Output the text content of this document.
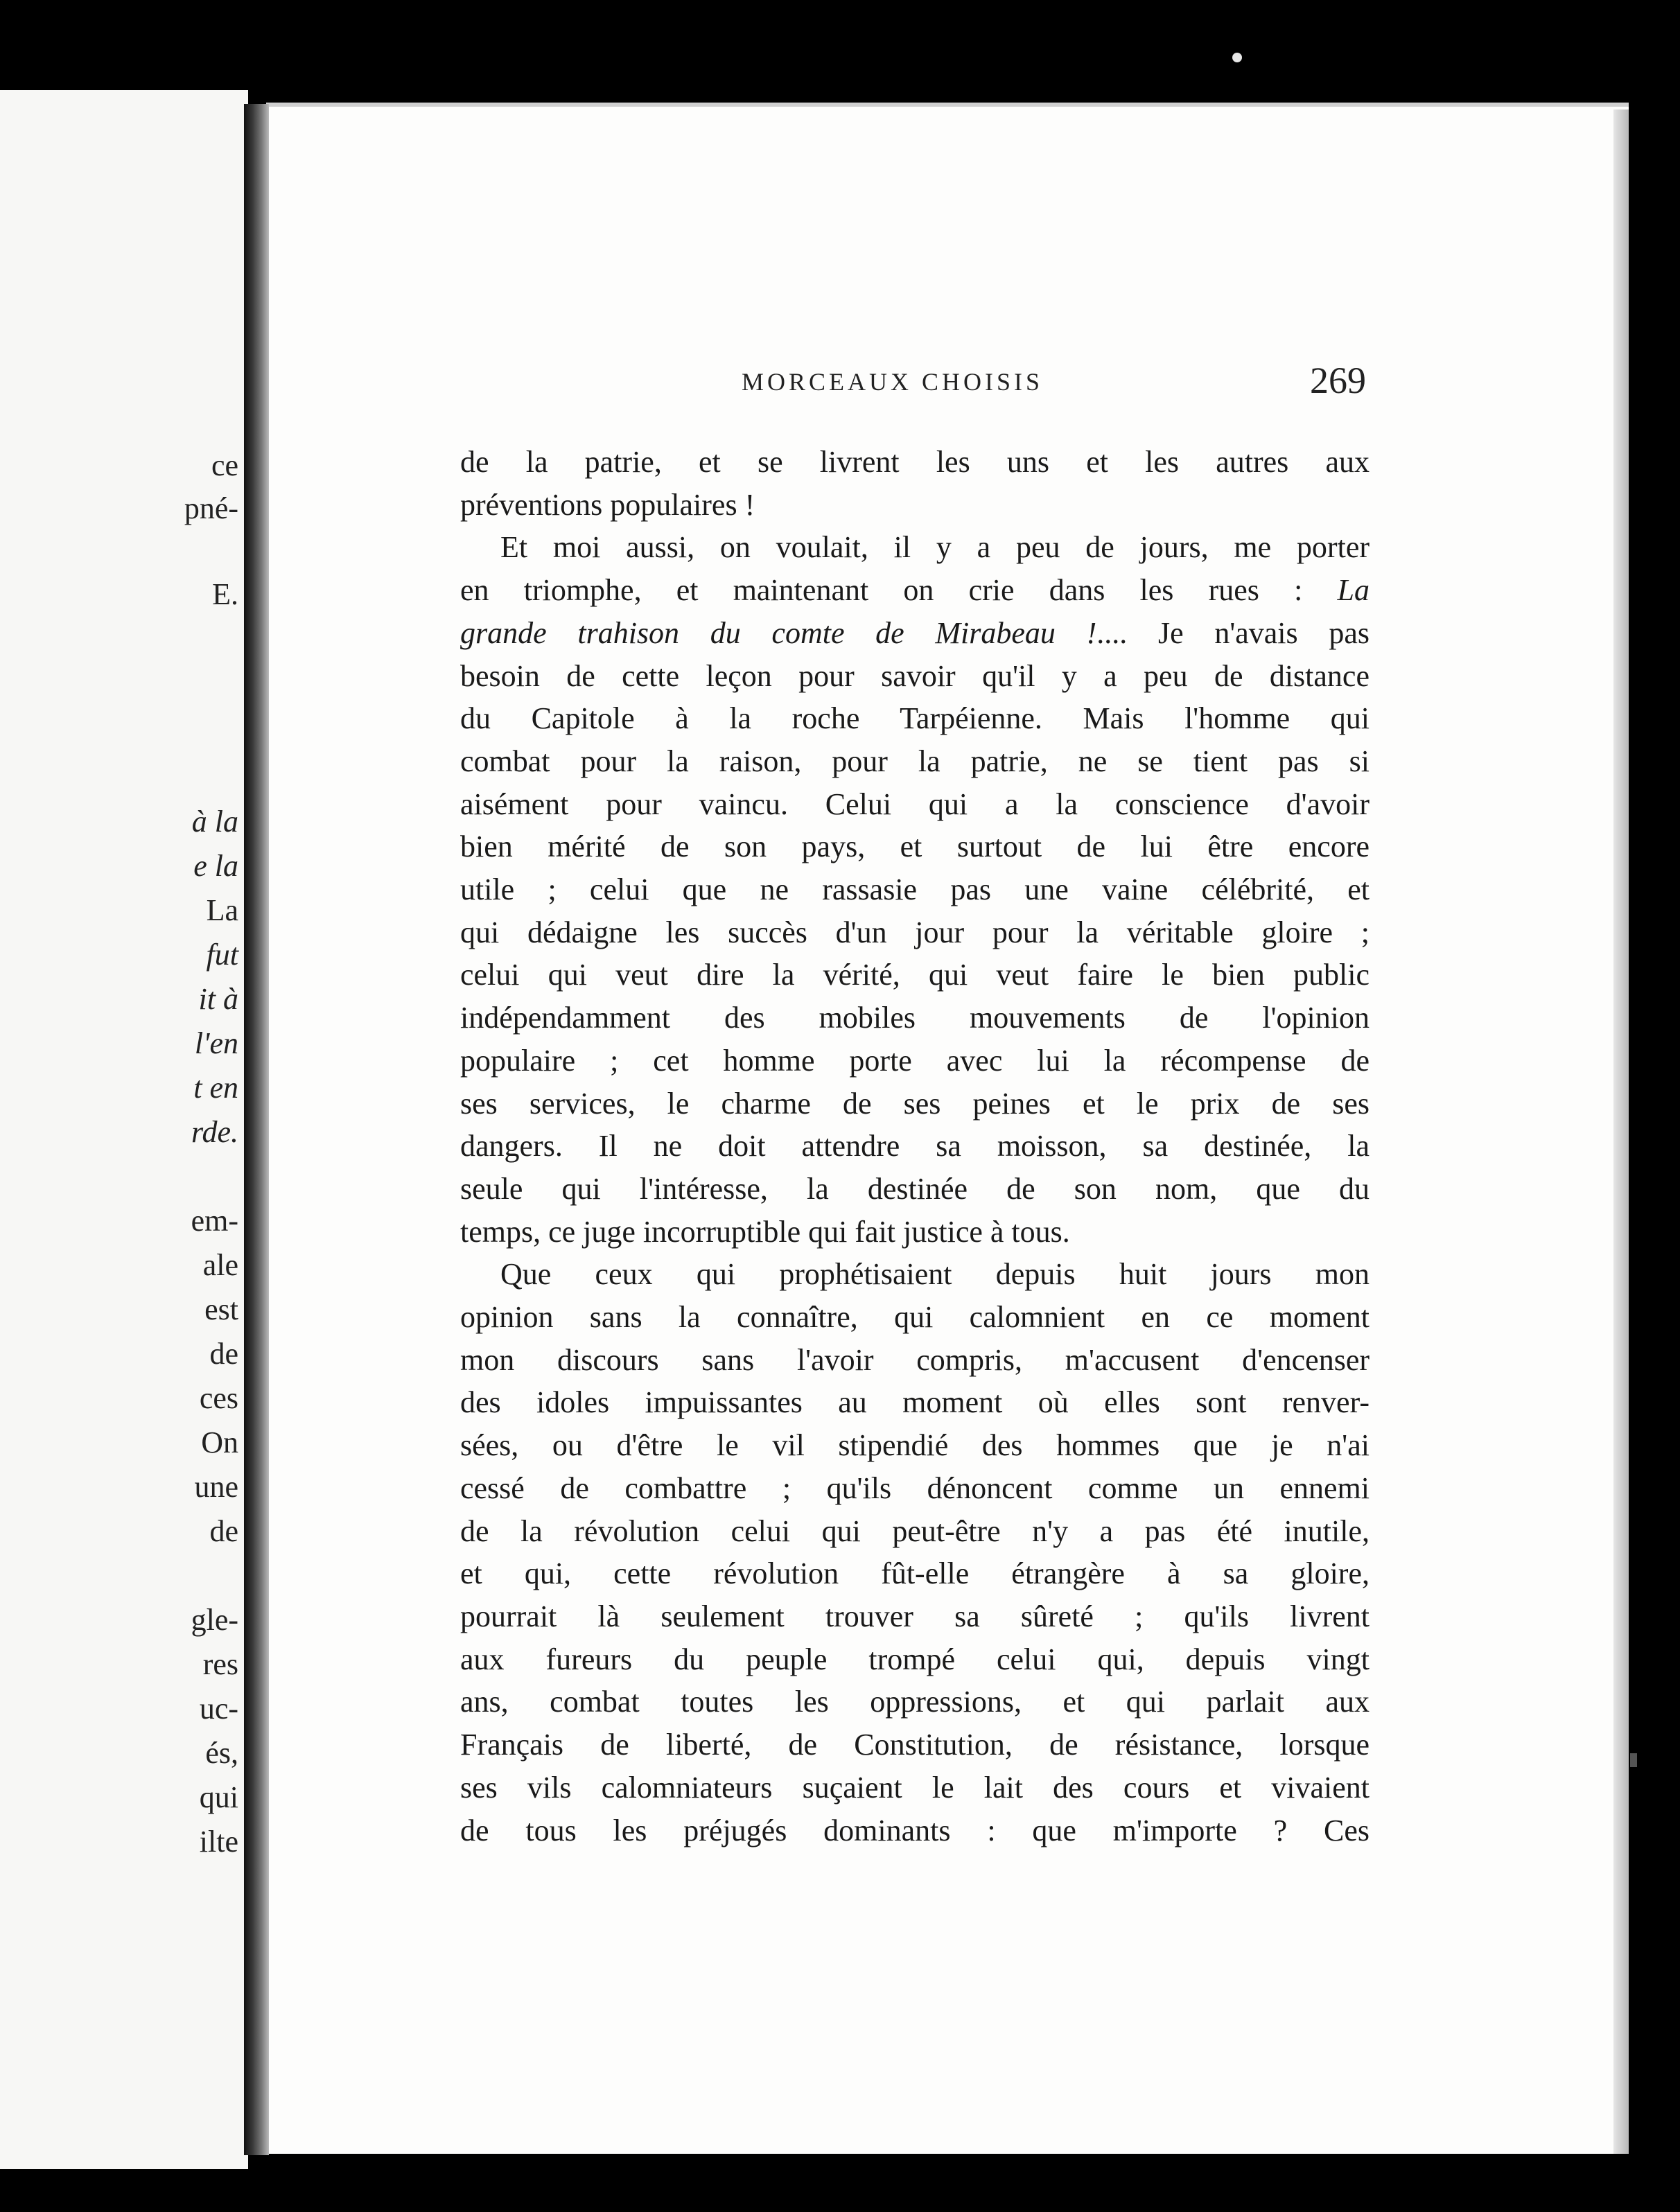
ce
pné-
E.
à la
e la
La
fut
it à
l'en
t en
rde.
em-
ale
est
de
ces
On
une
de
gle-
res
uc-
és,
qui
ilte
MORCEAUX CHOISIS	269
de la patrie, et se livrent les uns et les autres aux
préventions populaires !
Et moi aussi, on voulait, il y a peu de jours, me porter
en triomphe, et maintenant on crie dans les rues : La
grande trahison du comte de Mirabeau !.... Je n'avais pas
besoin de cette leçon pour savoir qu'il y a peu de distance
du Capitole à la roche Tarpéienne. Mais l'homme qui
combat pour la raison, pour la patrie, ne se tient pas si
aisément pour vaincu. Celui qui a la conscience d'avoir
bien mérité de son pays, et surtout de lui être encore
utile ; celui que ne rassasie pas une vaine célébrité, et
qui dédaigne les succès d'un jour pour la véritable gloire ;
celui qui veut dire la vérité, qui veut faire le bien public
indépendamment des mobiles mouvements de l'opinion
populaire ; cet homme porte avec lui la récompense de
ses services, le charme de ses peines et le prix de ses
dangers. Il ne doit attendre sa moisson, sa destinée, la
seule qui l'intéresse, la destinée de son nom, que du
temps, ce juge incorruptible qui fait justice à tous.
Que ceux qui prophétisaient depuis huit jours mon
opinion sans la connaître, qui calomnient en ce moment
mon discours sans l'avoir compris, m'accusent d'encenser
des idoles impuissantes au moment où elles sont renver-
sées, ou d'être le vil stipendié des hommes que je n'ai
cessé de combattre ; qu'ils dénoncent comme un ennemi
de la révolution celui qui peut-être n'y a pas été inutile,
et qui, cette révolution fût-elle étrangère à sa gloire,
pourrait là seulement trouver sa sûreté ; qu'ils livrent
aux fureurs du peuple trompé celui qui, depuis vingt
ans, combat toutes les oppressions, et qui parlait aux
Français de liberté, de Constitution, de résistance, lorsque
ses vils calomniateurs suçaient le lait des cours et vivaient
de tous les préjugés dominants : que m'importe ? Ces
